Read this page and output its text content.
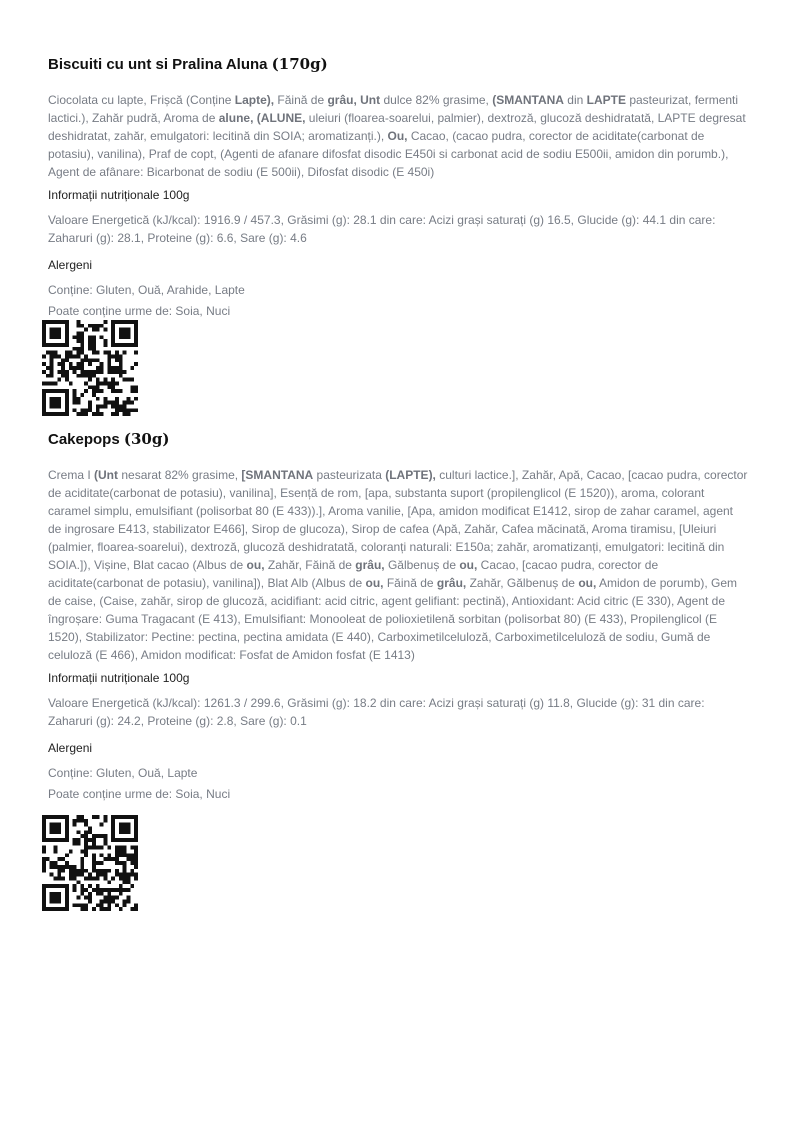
Biscuiti cu unt si Pralina Aluna (170g)

Ciocolata cu lapte, Frișcă (Conține Lapte), Făină de grâu, Unt dulce 82% grasime, (SMANTANA din LAPTE pasteurizat, fermenti lactici.), Zahăr pudră, Aroma de alune, (ALUNE, uleiuri (floarea-soarelui, palmier), dextroză, glucoză deshidratată, LAPTE degresat deshidratat, zahăr, emulgatori: lecitină din SOIA; aromatizanți.), Ou, Cacao, (cacao pudra, corector de aciditate(carbonat de potasiu), vanilina), Praf de copt, (Agenti de afanare difosfat disodic E450i si carbonat acid de sodiu E500ii, amidon din porumb.), Agent de afânare: Bicarbonat de sodiu (E 500ii), Difosfat disodic (E 450i)

Informații nutriționale 100g

Valoare Energetică (kJ/kcal): 1916.9 / 457.3, Grăsimi (g): 28.1 din care: Acizi grași saturați (g) 16.5, Glucide (g): 44.1 din care: Zaharuri (g): 28.1, Proteine (g): 6.6, Sare (g): 4.6

Alergeni

Conține: Gluten, Ouă, Arahide, Lapte

Poate conține urme de: Soia, Nuci

Cakepops (30g)

Crema I (Unt nesarat 82% grasime, [SMANTANA pasteurizata (LAPTE), culturi lactice.], Zahăr, Apă, Cacao, [cacao pudra, corector de aciditate(carbonat de potasiu), vanilina], Esență de rom, [apa, substanta suport (propilenglicol (E 1520)), aroma, colorant caramel simplu, emulsifiant (polisorbat 80 (E 433)).], Aroma vanilie, [Apa, amidon modificat E1412, sirop de zahar caramel, agent de ingrosare E413, stabilizator E466], Sirop de glucoza), Sirop de cafea (Apă, Zahăr, Cafea măcinată, Aroma tiramisu, [Uleiuri (palmier, floarea-soarelui), dextroză, glucoză deshidratată, coloranți naturali: E150a; zahăr, aromatizanți, emulgatori: lecitină din SOIA.]), Vișine, Blat cacao (Albus de ou, Zahăr, Făină de grâu, Gălbenuș de ou, Cacao, [cacao pudra, corector de aciditate(carbonat de potasiu), vanilina]), Blat Alb (Albus de ou, Făină de grâu, Zahăr, Gălbenuș de ou, Amidon de porumb), Gem de caise, (Caise, zahăr, sirop de glucoză, acidifiant: acid citric, agent gelifiant: pectină), Antioxidant: Acid citric (E 330), Agent de îngroșare: Guma Tragacant (E 413), Emulsifiant: Monooleat de polioxietilenă sorbitan (polisorbat 80) (E 433), Propilenglicol (E 1520), Stabilizator: Pectine: pectina, pectina amidata (E 440), Carboximetilceluloză, Carboximetilceluloză de sodiu, Gumă de celuloză (E 466), Amidon modificat: Fosfat de Amidon fosfat (E 1413)

Informații nutriționale 100g

Valoare Energetică (kJ/kcal): 1261.3 / 299.6, Grăsimi (g): 18.2 din care: Acizi grași saturați (g) 11.8, Glucide (g): 31 din care: Zaharuri (g): 24.2, Proteine (g): 2.8, Sare (g): 0.1

Alergeni

Conține: Gluten, Ouă, Lapte

Poate conține urme de: Soia, Nuci
